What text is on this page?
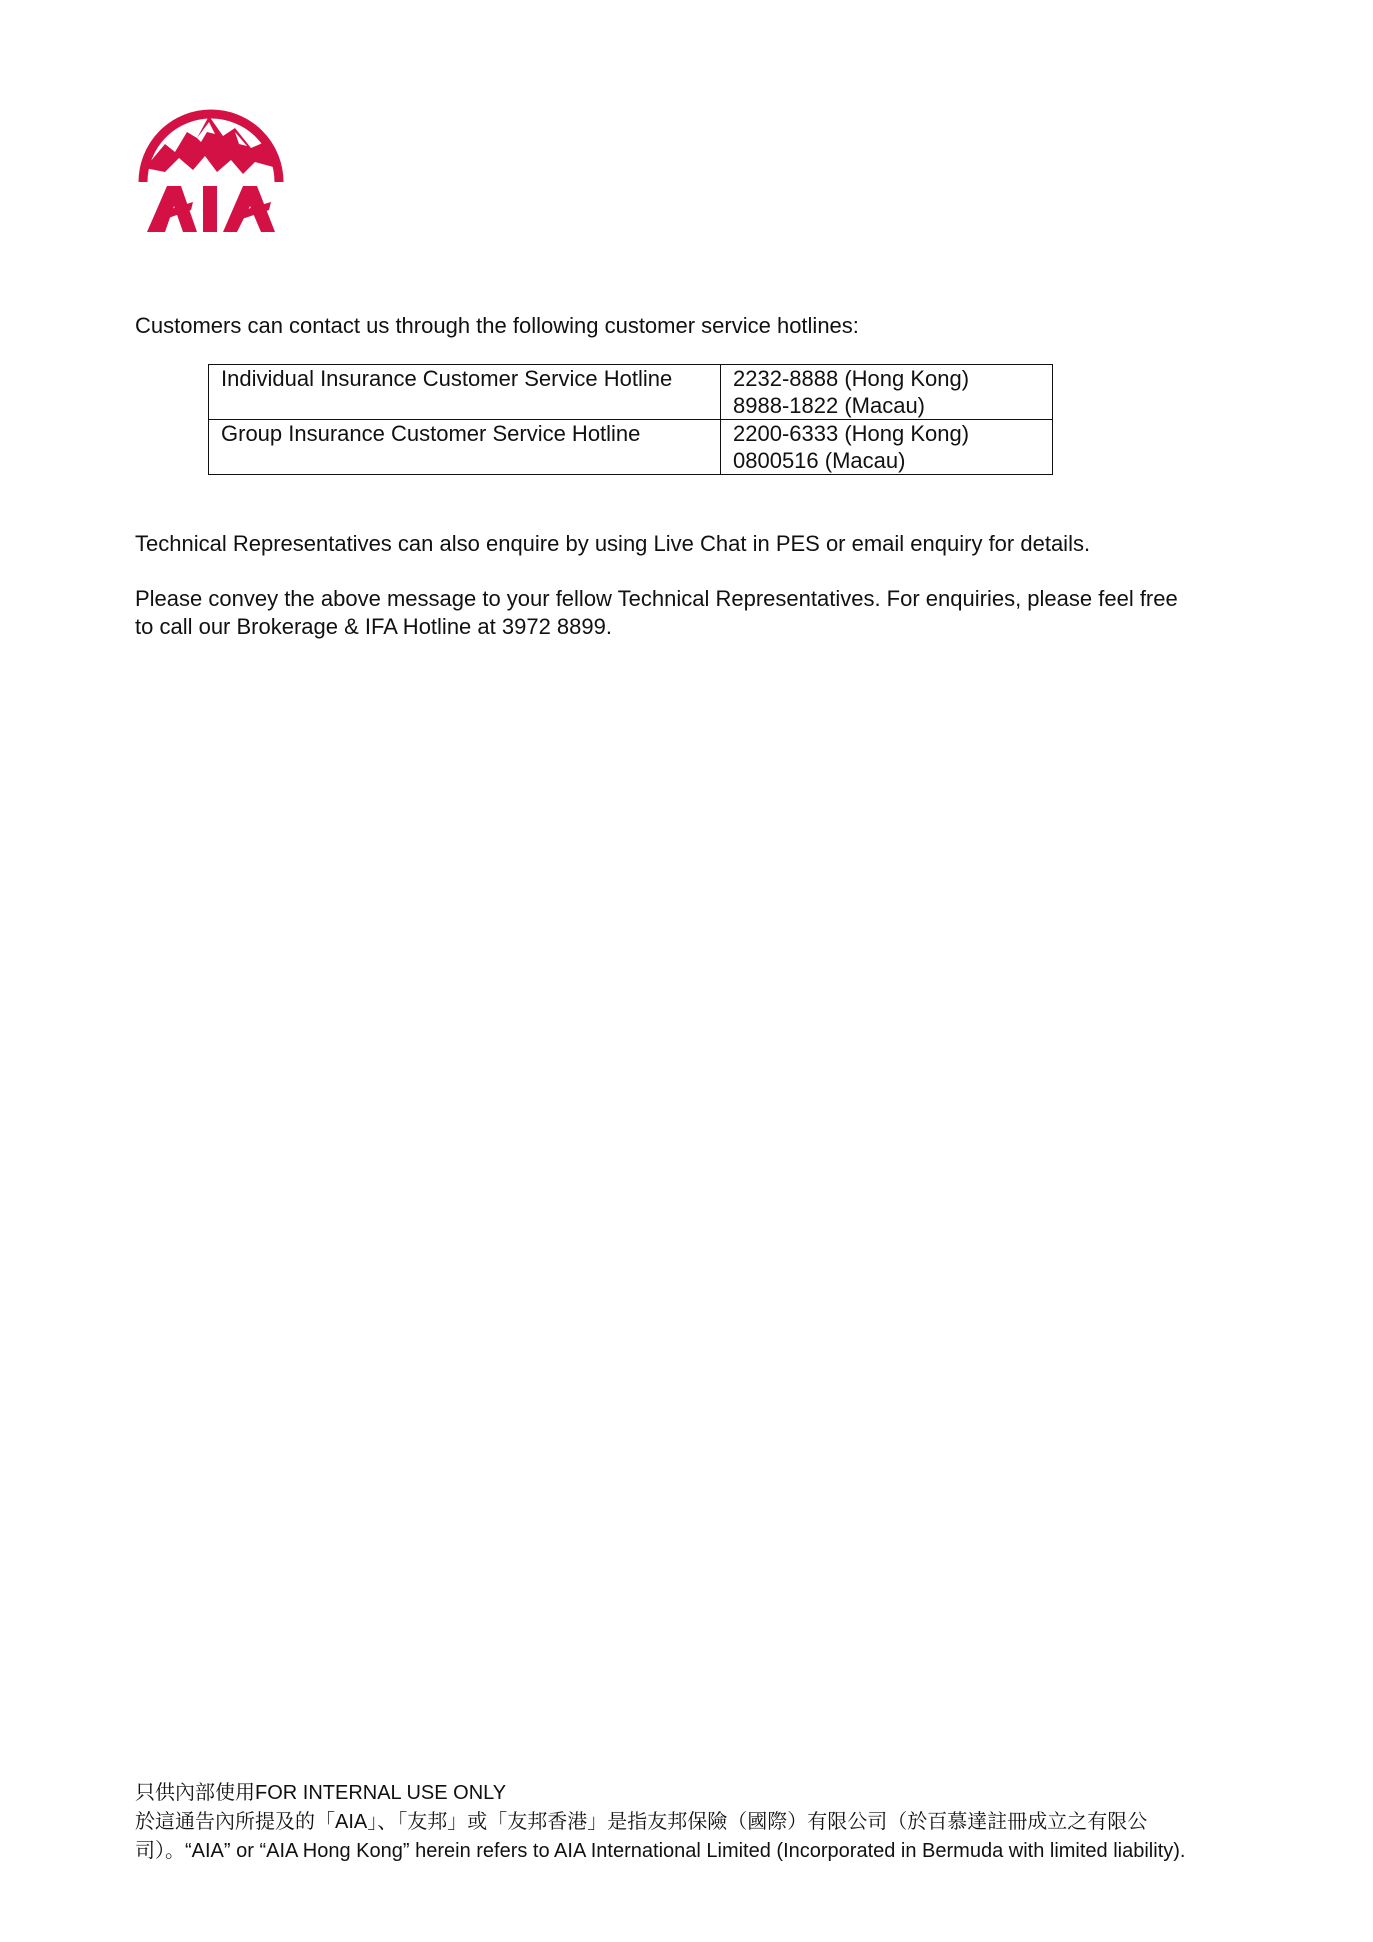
Customers can contact us through the following customer service hotlines:
Individual Insurance Customer Service Hotline	2232-8888 (Hong Kong)
8988-1822 (Macau)

Group Insurance Customer Service Hotline	2200-6333 (Hong Kong)
0800516 (Macau)
Technical Representatives can also enquire by using Live Chat in PES or email enquiry for details.
Please convey the above message to your fellow Technical Representatives. For enquiries, please feel free
to call our Brokerage & IFA Hotline at 3972 8899.
只供內部使用FOR INTERNAL USE ONLY
於這通告內所提及的「AIA」、「友邦」或「友邦香港」是指友邦保險（國際）有限公司（於百慕達註冊成立之有限公
司）。“AIA” or “AIA Hong Kong” herein refers to AIA International Limited (Incorporated in Bermuda with limited liability).
